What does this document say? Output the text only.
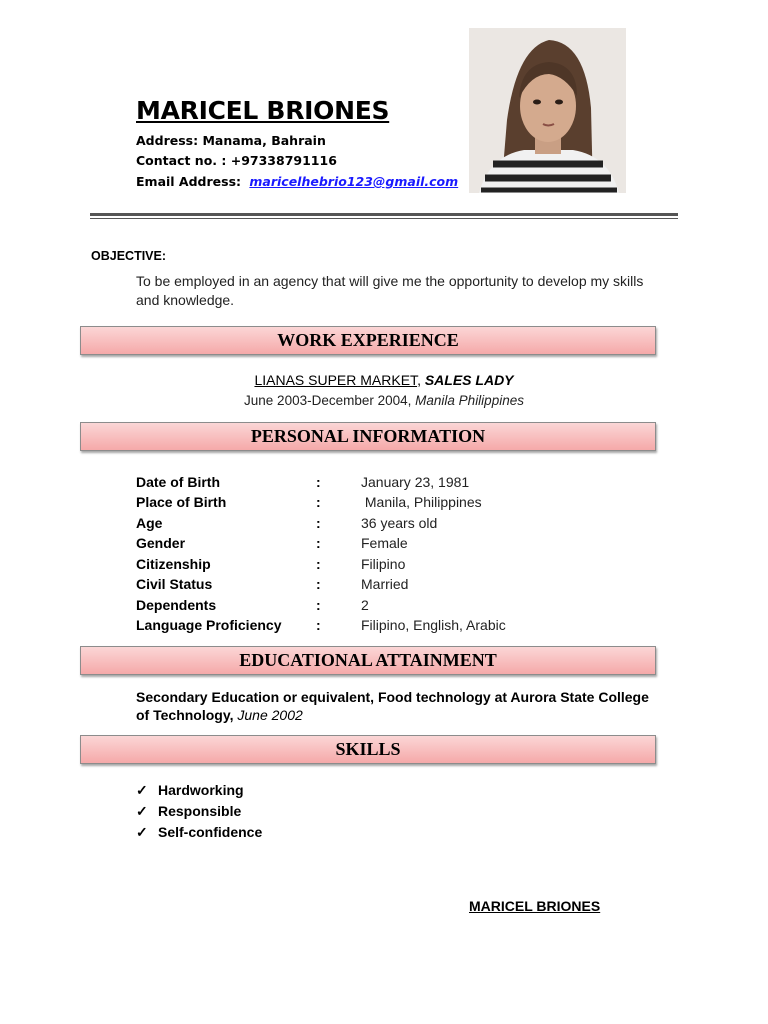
MARICEL BRIONES
Address: Manama, Bahrain
Contact no. : +97338791116
Email Address: maricelhebrio123@gmail.com
OBJECTIVE:
To be employed in an agency that will give me the opportunity to develop my skills and knowledge.
WORK EXPERIENCE
LIANAS SUPER MARKET, SALES LADY
June 2003-December 2004, Manila Philippines
PERSONAL INFORMATION
Date of Birth	:	January 23, 1981
Place of Birth	:	Manila, Philippines
Age	:	36 years old
Gender	:	Female
Citizenship	:	Filipino
Civil Status	:	Married
Dependents	:	2
Language Proficiency :	Filipino, English, Arabic
EDUCATIONAL ATTAINMENT
Secondary Education or equivalent, Food technology at Aurora State College of Technology, June 2002
SKILLS
✓ Hardworking
✓ Responsible
✓ Self-confidence
MARICEL BRIONES
